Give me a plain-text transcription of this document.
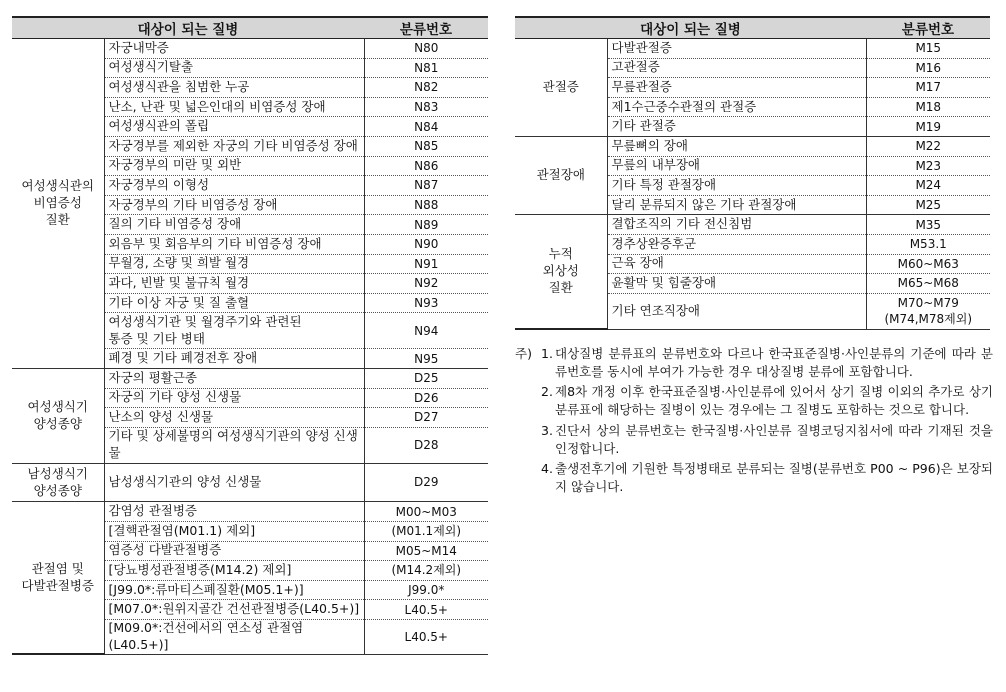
대상이 되는 질병		분류번호
여성생식관의
비염증성
질환	자궁내막증	N80
	여성생식기탈출	N81
	여성생식관을 침범한 누공	N82
	난소, 난관 및 넓은인대의 비염증성 장애	N83
	여성생식관의 폴립	N84
	자궁경부를 제외한 자궁의 기타 비염증성 장애	N85
	자궁경부의 미란 및 외반	N86
	자궁경부의 이형성	N87
	자궁경부의 기타 비염증성 장애	N88
	질의 기타 비염증성 장애	N89
	외음부 및 회음부의 기타 비염증성 장애	N90
	무월경, 소량 및 희발 월경	N91
	과다, 빈발 및 불규칙 월경	N92
	기타 이상 자궁 및 질 출혈	N93
	여성생식기관 및 월경주기와 관련된
통증 및 기타 병태	N94
	폐경 및 기타 폐경전후 장애	N95
여성생식기
양성종양	자궁의 평활근종	D25
	자궁의 기타 양성 신생물	D26
	난소의 양성 신생물	D27
	기타 및 상세불명의 여성생식기관의 양성 신생물	D28
남성생식기
양성종양	남성생식기관의 양성 신생물	D29
관절염 및
다발관절병증	감염성 관절병증	M00~M03
	[결핵관절염(M01.1) 제외]	(M01.1제외)
	염증성 다발관절병증	M05~M14
	[당뇨병성관절병증(M14.2) 제외]	(M14.2제외)
	[J99.0*:류마티스폐질환(M05.1+)]	J99.0*
	[M07.0*:원위지골간 건선관절병증(L40.5+)]	L40.5+
	[M09.0*:건선에서의 연소성 관절염(L40.5+)]	L40.5+
대상이 되는 질병		분류번호
관절증	다발관절증	M15
	고관절증	M16
	무릎관절증	M17
	제1수근중수관절의 관절증	M18
	기타 관절증	M19
관절장애	무릎뼈의 장애	M22
	무릎의 내부장애	M23
	기타 특정 관절장애	M24
	달리 분류되지 않은 기타 관절장애	M25
누적
외상성
질환	결합조직의 기타 전신침범	M35
	경추상완증후군	M53.1
	근육 장애	M60~M63
	윤활막 및 힘줄장애	M65~M68
	기타 연조직장애	M70~M79
(M74,M78제외)
주) 1. 대상질병 분류표의 분류번호와 다르나 한국표준질병·사인분류의 기준에 따라 분류번호를 동시에 부여가 가능한 경우 대상질병 분류에 포함합니다.
2. 제8차 개정 이후 한국표준질병·사인분류에 있어서 상기 질병 이외의 추가로 상기 분류표에 해당하는 질병이 있는 경우에는 그 질병도 포함하는 것으로 합니다.
3. 진단서 상의 분류번호는 한국질병·사인분류 질병코딩지침서에 따라 기재된 것을 인정합니다.
4. 출생전후기에 기원한 특정병태로 분류되는 질병(분류번호 P00 ~ P96)은 보장되지 않습니다.
